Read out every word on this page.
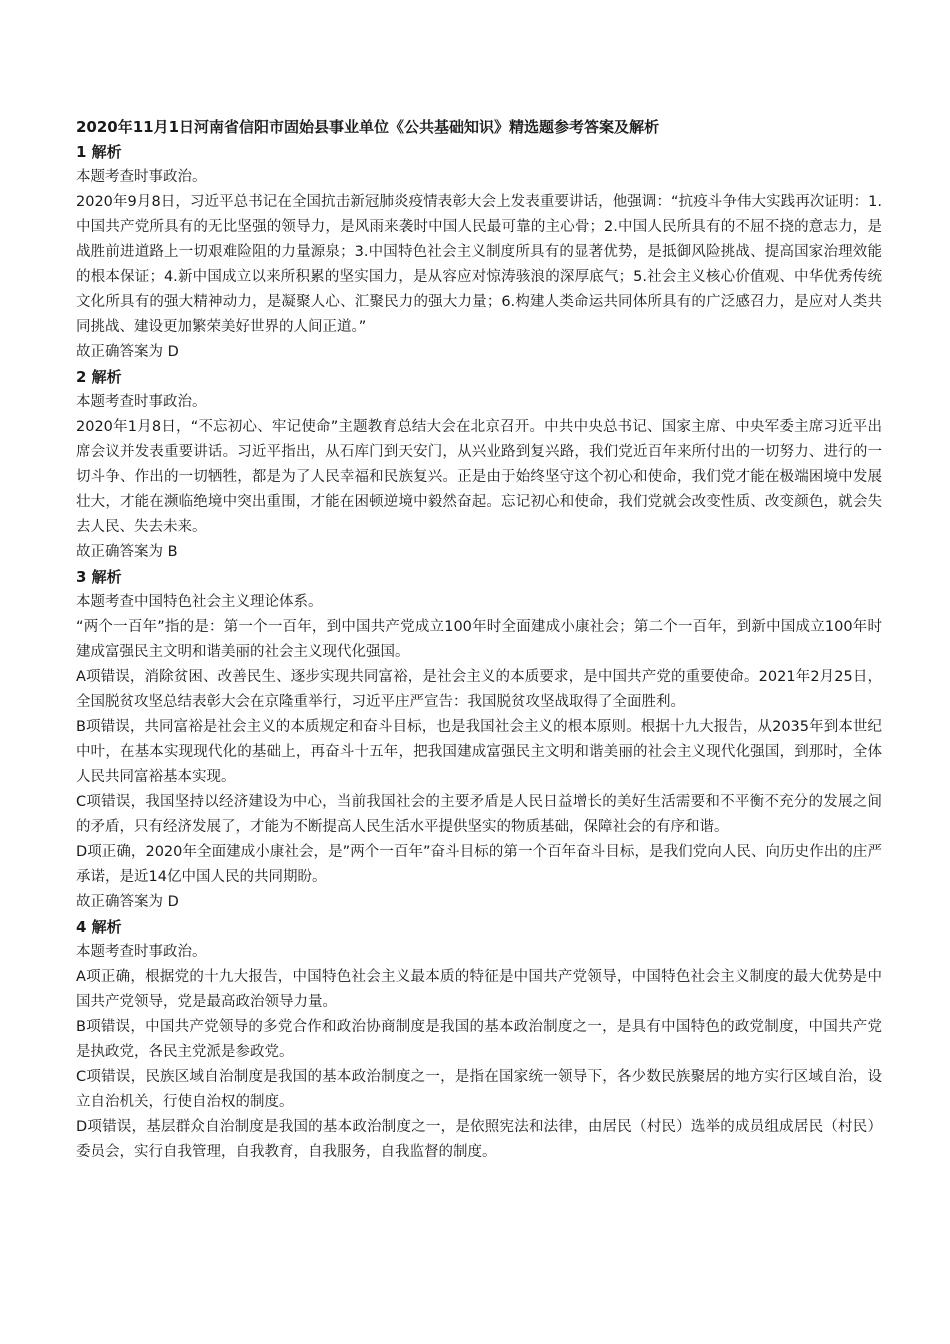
2020年11月1日河南省信阳市固始县事业单位《公共基础知识》精选题参考答案及解析

1 解析

本题考查时事政治。

2020年9月8日，习近平总书记在全国抗击新冠肺炎疫情表彰大会上发表重要讲话，他强调：“抗疫斗争伟大实践再次证明：1.中国共产党所具有的无比坚强的领导力，是风雨来袭时中国人民最可靠的主心骨；2.中国人民所具有的不屈不挠的意志力，是战胜前进道路上一切艰难险阻的力量源泉；3.中国特色社会主义制度所具有的显著优势，是抵御风险挑战、提高国家治理效能的根本保证；4.新中国成立以来所积累的坚实国力，是从容应对惊涛骇浪的深厚底气；5.社会主义核心价值观、中华优秀传统文化所具有的强大精神动力，是凝聚人心、汇聚民力的强大力量；6.构建人类命运共同体所具有的广泛感召力，是应对人类共同挑战、建设更加繁荣美好世界的人间正道。”

故正确答案为 D

2 解析

本题考查时事政治。

2020年1月8日，“不忘初心、牢记使命”主题教育总结大会在北京召开。中共中央总书记、国家主席、中央军委主席习近平出席会议并发表重要讲话。习近平指出，从石库门到天安门，从兴业路到复兴路，我们党近百年来所付出的一切努力、进行的一切斗争、作出的一切牺牲，都是为了人民幸福和民族复兴。正是由于始终坚守这个初心和使命，我们党才能在极端困境中发展壮大，才能在濒临绝境中突出重围，才能在困顿逆境中毅然奋起。忘记初心和使命，我们党就会改变性质、改变颜色，就会失去人民、失去未来。

故正确答案为 B

3 解析

本题考查中国特色社会主义理论体系。

“两个一百年”指的是：第一个一百年，到中国共产党成立100年时全面建成小康社会；第二个一百年，到新中国成立100年时建成富强民主文明和谐美丽的社会主义现代化强国。

A项错误，消除贫困、改善民生、逐步实现共同富裕，是社会主义的本质要求，是中国共产党的重要使命。2021年2月25日，全国脱贫攻坚总结表彰大会在京隆重举行，习近平庄严宣告：我国脱贫攻坚战取得了全面胜利。

B项错误，共同富裕是社会主义的本质规定和奋斗目标，也是我国社会主义的根本原则。根据十九大报告，从2035年到本世纪中叶，在基本实现现代化的基础上，再奋斗十五年，把我国建成富强民主文明和谐美丽的社会主义现代化强国，到那时，全体人民共同富裕基本实现。

C项错误，我国坚持以经济建设为中心，当前我国社会的主要矛盾是人民日益增长的美好生活需要和不平衡不充分的发展之间的矛盾，只有经济发展了，才能为不断提高人民生活水平提供坚实的物质基础，保障社会的有序和谐。

D项正确，2020年全面建成小康社会，是”两个一百年”奋斗目标的第一个百年奋斗目标，是我们党向人民、向历史作出的庄严承诺，是近14亿中国人民的共同期盼。

故正确答案为 D

4 解析

本题考查时事政治。

A项正确，根据党的十九大报告，中国特色社会主义最本质的特征是中国共产党领导，中国特色社会主义制度的最大优势是中国共产党领导，党是最高政治领导力量。

B项错误，中国共产党领导的多党合作和政治协商制度是我国的基本政治制度之一，是具有中国特色的政党制度，中国共产党是执政党，各民主党派是参政党。

C项错误，民族区域自治制度是我国的基本政治制度之一，是指在国家统一领导下，各少数民族聚居的地方实行区域自治，设立自治机关，行使自治权的制度。

D项错误，基层群众自治制度是我国的基本政治制度之一，是依照宪法和法律，由居民（村民）选举的成员组成居民（村民）委员会，实行自我管理，自我教育，自我服务，自我监督的制度。
